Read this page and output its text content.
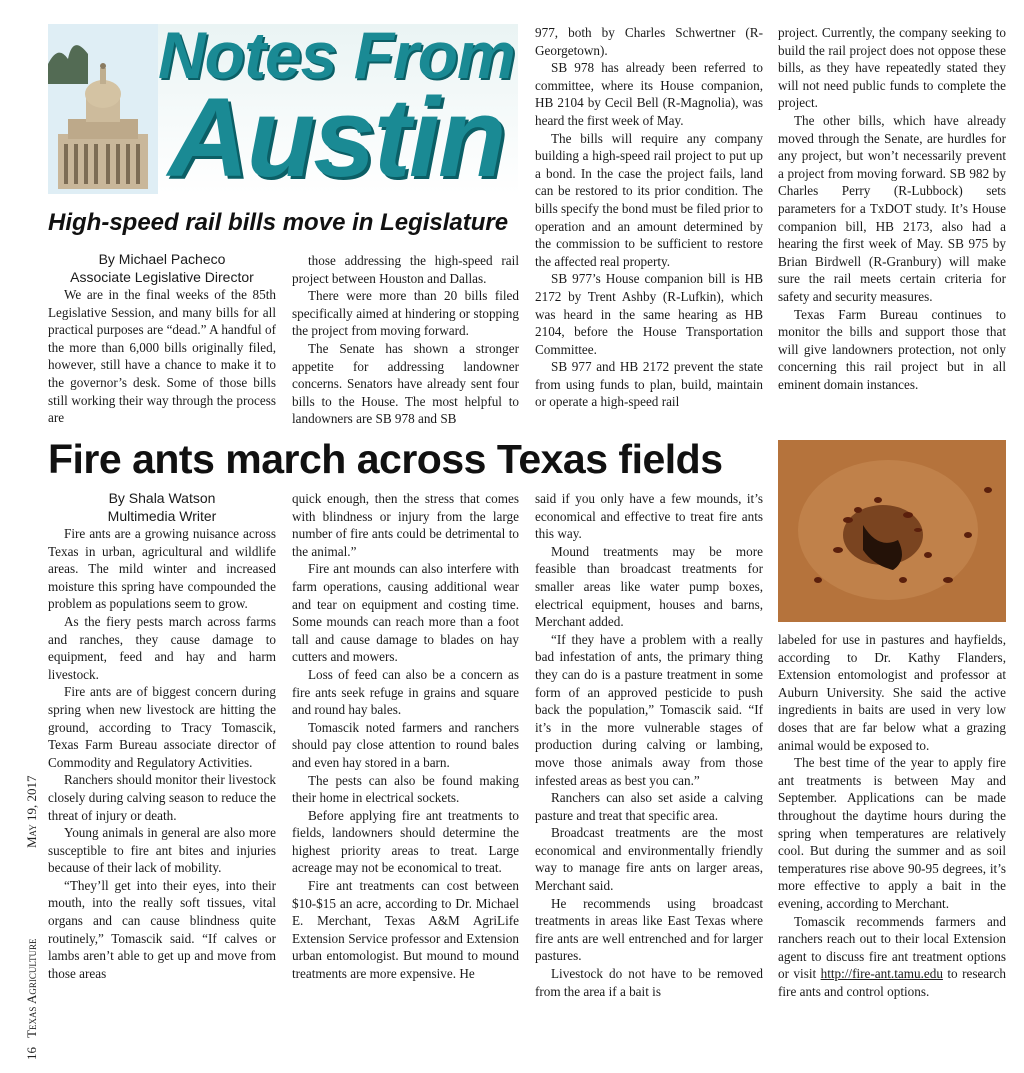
Notes From
Austin
High-speed rail bills move in Legislature
By Michael Pacheco
Associate Legislative Director

We are in the final weeks of the 85th Legislative Session, and many bills for all practical purposes are “dead.” A handful of the more than 6,000 bills originally filed, however, still have a chance to make it to the governor’s desk. Some of those bills still working their way through the process are

those addressing the high-speed rail project between Houston and Dallas.

There were more than 20 bills filed specifically aimed at hindering or stopping the project from moving forward.

The Senate has shown a stronger appetite for addressing landowner concerns. Senators have already sent four bills to the House. The most helpful to landowners are SB 978 and SB

977, both by Charles Schwertner (R-Georgetown).

SB 978 has already been referred to committee, where its House companion, HB 2104 by Cecil Bell (R-Magnolia), was heard the first week of May.

The bills will require any company building a high-speed rail project to put up a bond. In the case the project fails, land can be restored to its prior condition. The bills specify the bond must be filed prior to operation and an amount determined by the commission to be sufficient to restore the affected real property.

SB 977’s House companion bill is HB 2172 by Trent Ashby (R-Lufkin), which was heard in the same hearing as HB 2104, before the House Transportation Committee.

SB 977 and HB 2172 prevent the state from using funds to plan, build, maintain or operate a high-speed rail

project. Currently, the company seeking to build the rail project does not oppose these bills, as they have repeatedly stated they will not need public funds to complete the project.

The other bills, which have already moved through the Senate, are hurdles for any project, but won’t necessarily prevent a project from moving forward. SB 982 by Charles Perry (R-Lubbock) sets parameters for a TxDOT study. It’s House companion bill, HB 2173, also had a hearing the first week of May. SB 975 by Brian Birdwell (R-Granbury) will make sure the rail meets certain criteria for safety and security measures.

Texas Farm Bureau continues to monitor the bills and support those that will give landowners protection, not only concerning this rail project but in all eminent domain instances.

Fire ants march across Texas fields
By Shala Watson
Multimedia Writer

Fire ants are a growing nuisance across Texas in urban, agricultural and wildlife areas. The mild winter and increased moisture this spring have compounded the problem as populations seem to grow.

As the fiery pests march across farms and ranches, they cause damage to equipment, feed and hay and harm livestock.

Fire ants are of biggest concern during spring when new livestock are hitting the ground, according to Tracy Tomascik, Texas Farm Bureau associate director of Commodity and Regulatory Activities.

Ranchers should monitor their livestock closely during calving season to reduce the threat of injury or death.

Young animals in general are also more susceptible to fire ant bites and injuries because of their lack of mobility.

“They’ll get into their eyes, into their mouth, into the really soft tissues, vital organs and can cause blindness quite routinely,” Tomascik said. “If calves or lambs aren’t able to get up and move from those areas

quick enough, then the stress that comes with blindness or injury from the large number of fire ants could be detrimental to the animal.”

Fire ant mounds can also interfere with farm operations, causing additional wear and tear on equipment and costing time. Some mounds can reach more than a foot tall and cause damage to blades on hay cutters and mowers.

Loss of feed can also be a concern as fire ants seek refuge in grains and square and round hay bales.

Tomascik noted farmers and ranchers should pay close attention to round bales and even hay stored in a barn.

The pests can also be found making their home in electrical sockets.

Before applying fire ant treatments to fields, landowners should determine the highest priority areas to treat. Large acreage may not be economical to treat.

Fire ant treatments can cost between $10-$15 an acre, according to Dr. Michael E. Merchant, Texas A&M AgriLife Extension Service professor and Extension urban entomologist. But mound to mound treatments are more expensive. He

said if you only have a few mounds, it’s economical and effective to treat fire ants this way.

Mound treatments may be more feasible than broadcast treatments for smaller areas like water pump boxes, electrical equipment, houses and barns, Merchant added.

“If they have a problem with a really bad infestation of ants, the primary thing they can do is a pasture treatment in some form of an approved pesticide to push back the population,” Tomascik said. “If it’s in the more vulnerable stages of production during calving or lambing, move those animals away from those infested areas as best you can.”

Ranchers can also set aside a calving pasture and treat that specific area.

Broadcast treatments are the most economical and environmentally friendly way to manage fire ants on larger areas, Merchant said.

He recommends using broadcast treatments in areas like East Texas where fire ants are well entrenched and for larger pastures.

Livestock do not have to be removed from the area if a bait is

labeled for use in pastures and hayfields, according to Dr. Kathy Flanders, Extension entomologist and professor at Auburn University. She said the active ingredients in baits are used in very low doses that are far below what a grazing animal would be exposed to.

The best time of the year to apply fire ant treatments is between May and September. Applications can be made throughout the daytime hours during the spring when temperatures are relatively cool. But during the summer and as soil temperatures rise above 90-95 degrees, it’s more effective to apply a bait in the evening, according to Merchant.

Tomascik recommends farmers and ranchers reach out to their local Extension agent to discuss fire ant treatment options or visit http://fire-ant.tamu.edu to research fire ants and control options.

16
Texas Agriculture
May 19, 2017
